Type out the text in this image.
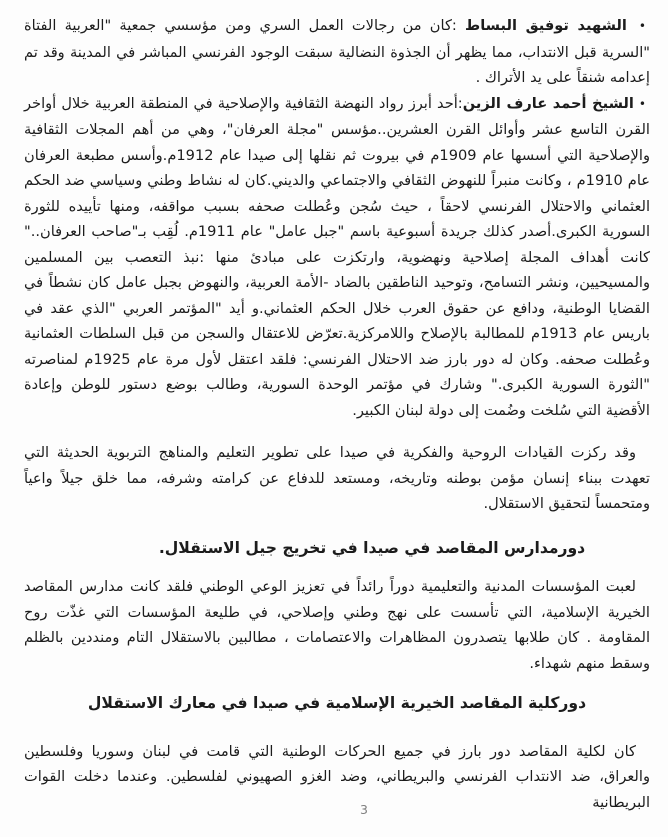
•الشهيد توفيق البساط :كان من رجالات العمل السري ومن مؤسسي جمعية "العربية الفتاة "السرية قبل الانتداب، مما يظهر أن الجذوة النضالية سبقت الوجود الفرنسي المباشر في المدينة وقد تم إعدامه شنقاً على يد الأتراك .

•الشيخ أحمد عارف الزين:أحد أبرز رواد النهضة الثقافية والإصلاحية في المنطقة العربية خلال أواخر القرن التاسع عشر وأوائل القرن العشرين..مؤسس "مجلة العرفان"، وهي من أهم المجلات الثقافية والإصلاحية التي أسسها عام 1909م في بيروت ثم نقلها إلى صيدا عام 1912م.وأسس مطبعة العرفان عام 1910م ، وكانت منبراً للنهوض الثقافي والاجتماعي والديني.كان له نشاط وطني وسياسي ضد الحكم العثماني والاحتلال الفرنسي لاحقاً ، حيث سُجن وعُطلت صحفه بسبب مواقفه، ومنها تأييده للثورة السورية الكبرى.أصدر كذلك جريدة أسبوعية باسم "جبل عامل" عام 1911م. لُقِب بـ"صاحب العرفان.." كانت أهداف المجلة إصلاحية ونهضوية، وارتكزت على مبادئ منها :نبذ التعصب بين المسلمين والمسيحيين، ونشر التسامح، وتوحيد الناطقين بالضاد -الأمة العربية، والنهوض بجبل عامل كان نشطاً في القضايا الوطنية، ودافع عن حقوق العرب خلال الحكم العثماني.و أيد "المؤتمر العربي "الذي عقد في باريس عام 1913م للمطالبة بالإصلاح واللامركزية.تعرّض للاعتقال والسجن من قبل السلطات العثمانية وعُطلت صحفه. وكان له دور بارز ضد الاحتلال الفرنسي: فلقد اعتقل لأول مرة عام 1925م لمناصرته "الثورة السورية الكبرى." وشارك في مؤتمر الوحدة السورية، وطالب بوضع دستور للوطن وإعادة الأقضية التي سُلخت وضُمت إلى دولة لبنان الكبير.

وقد ركزت القيادات الروحية والفكرية في صيدا على تطوير التعليم والمناهج التربوية الحديثة التي تعهدت ببناء إنسان مؤمن بوطنه وتاريخه، ومستعد للدفاع عن كرامته وشرفه، مما خلق جيلاً واعياً ومتحمساً لتحقيق الاستقلال.

دورمدارس المقاصد في صيدا في تخريج جيل الاستقلال.

لعبت المؤسسات المدنية والتعليمية دوراً رائداً في تعزيز الوعي الوطني فلقد كانت مدارس المقاصد الخيرية الإسلامية، التي تأسست على نهج وطني وإصلاحي، في طليعة المؤسسات التي غذّت روح المقاومة . كان طلابها يتصدرون المظاهرات والاعتصامات ، مطالبين بالاستقلال التام ومنددين بالظلم وسقط منهم شهداء.

دوركلية المقاصد الخيرية الإسلامية في صيدا في معارك الاستقلال

كان لكلية المقاصد دور بارز في جميع الحركات الوطنية التي قامت في لبنان وسوريا وفلسطين والعراق، ضد الانتداب الفرنسي والبريطاني، وضد الغزو الصهيوني لفلسطين. وعندما دخلت القوات البريطانية

3
